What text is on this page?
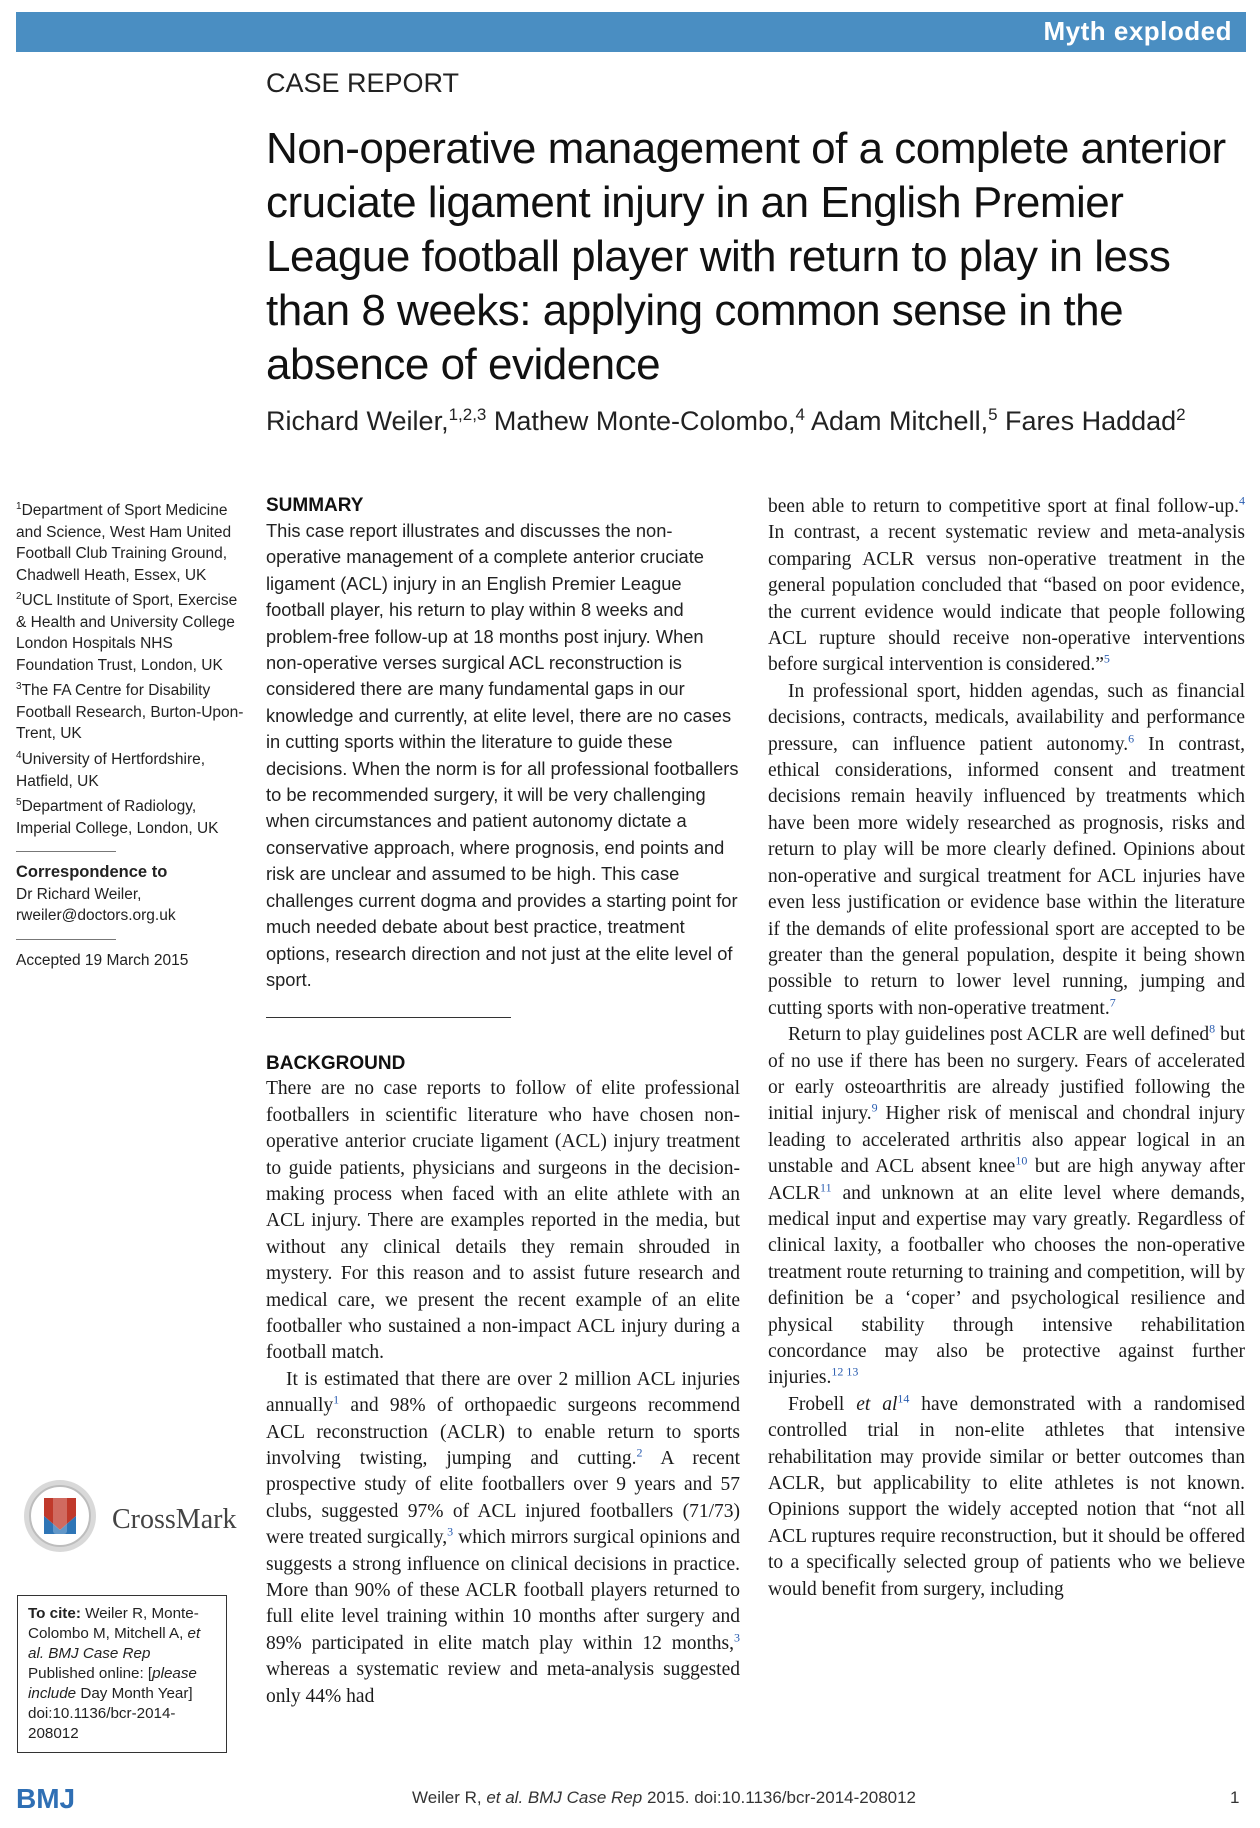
Myth exploded
CASE REPORT
Non-operative management of a complete anterior cruciate ligament injury in an English Premier League football player with return to play in less than 8 weeks: applying common sense in the absence of evidence
Richard Weiler,$^{1,2,3}$ Mathew Monte-Colombo,$^4$ Adam Mitchell,$^5$ Fares Haddad$^2$

$^1$Department of Sport Medicine and Science, West Ham United Football Club Training Ground, Chadwell Heath, Essex, UK

$^2$UCL Institute of Sport, Exercise & Health and University College London Hospitals NHS Foundation Trust, London, UK

$^3$The FA Centre for Disability Football Research, Burton-Upon-Trent, UK

$^4$University of Hertfordshire, Hatfield, UK

$^5$Department of Radiology, Imperial College, London, UK

Correspondence to

Dr Richard Weiler,

rweiler@doctors.org.uk

Accepted 19 March 2015

CrossMark

To cite: Weiler R, Monte-Colombo M, Mitchell A, et al. BMJ Case Rep Published online: [please include Day Month Year] doi:10.1136/bcr-2014-208012

SUMMARY

This case report illustrates and discusses the non-operative management of a complete anterior cruciate ligament (ACL) injury in an English Premier League football player, his return to play within 8 weeks and problem-free follow-up at 18 months post injury. When non-operative verses surgical ACL reconstruction is considered there are many fundamental gaps in our knowledge and currently, at elite level, there are no cases in cutting sports within the literature to guide these decisions. When the norm is for all professional footballers to be recommended surgery, it will be very challenging when circumstances and patient autonomy dictate a conservative approach, where prognosis, end points and risk are unclear and assumed to be high. This case challenges current dogma and provides a starting point for much needed debate about best practice, treatment options, research direction and not just at the elite level of sport.

BACKGROUND

There are no case reports to follow of elite professional footballers in scientific literature who have chosen non-operative anterior cruciate ligament (ACL) injury treatment to guide patients, physicians and surgeons in the decision-making process when faced with an elite athlete with an ACL injury. There are examples reported in the media, but without any clinical details they remain shrouded in mystery. For this reason and to assist future research and medical care, we present the recent example of an elite footballer who sustained a non-impact ACL injury during a football match.

It is estimated that there are over 2 million ACL injuries annually$^1$ and 98% of orthopaedic surgeons recommend ACL reconstruction (ACLR) to enable return to sports involving twisting, jumping and cutting.$^2$ A recent prospective study of elite footballers over 9 years and 57 clubs, suggested 97% of ACL injured footballers (71/73) were treated surgically,$^3$ which mirrors surgical opinions and suggests a strong influence on clinical decisions in practice. More than 90% of these ACLR football players returned to full elite level training within 10 months after surgery and 89% participated in elite match play within 12 months,$^3$ whereas a systematic review and meta-analysis suggested only 44% had

been able to return to competitive sport at final follow-up.$^4$ In contrast, a recent systematic review and meta-analysis comparing ACLR versus non-operative treatment in the general population concluded that “based on poor evidence, the current evidence would indicate that people following ACL rupture should receive non-operative interventions before surgical intervention is considered.”$^5$

In professional sport, hidden agendas, such as financial decisions, contracts, medicals, availability and performance pressure, can influence patient autonomy.$^6$ In contrast, ethical considerations, informed consent and treatment decisions remain heavily influenced by treatments which have been more widely researched as prognosis, risks and return to play will be more clearly defined. Opinions about non-operative and surgical treatment for ACL injuries have even less justification or evidence base within the literature if the demands of elite professional sport are accepted to be greater than the general population, despite it being shown possible to return to lower level running, jumping and cutting sports with non-operative treatment.$^7$

Return to play guidelines post ACLR are well defined$^8$ but of no use if there has been no surgery. Fears of accelerated or early osteoarthritis are already justified following the initial injury.$^9$ Higher risk of meniscal and chondral injury leading to accelerated arthritis also appear logical in an unstable and ACL absent knee$^{10}$ but are high anyway after ACLR$^{11}$ and unknown at an elite level where demands, medical input and expertise may vary greatly. Regardless of clinical laxity, a footballer who chooses the non-operative treatment route returning to training and competition, will by definition be a ‘coper’ and psychological resilience and physical stability through intensive rehabilitation concordance may also be protective against further injuries.$^{12 13}$

Frobell et al$^{14}$ have demonstrated with a randomised controlled trial in non-elite athletes that intensive rehabilitation may provide similar or better outcomes than ACLR, but applicability to elite athletes is not known. Opinions support the widely accepted notion that “not all ACL ruptures require reconstruction, but it should be offered to a specifically selected group of patients who we believe would benefit from surgery, including

BMJ	Weiler R, et al. BMJ Case Rep 2015. doi:10.1136/bcr-2014-208012	1
